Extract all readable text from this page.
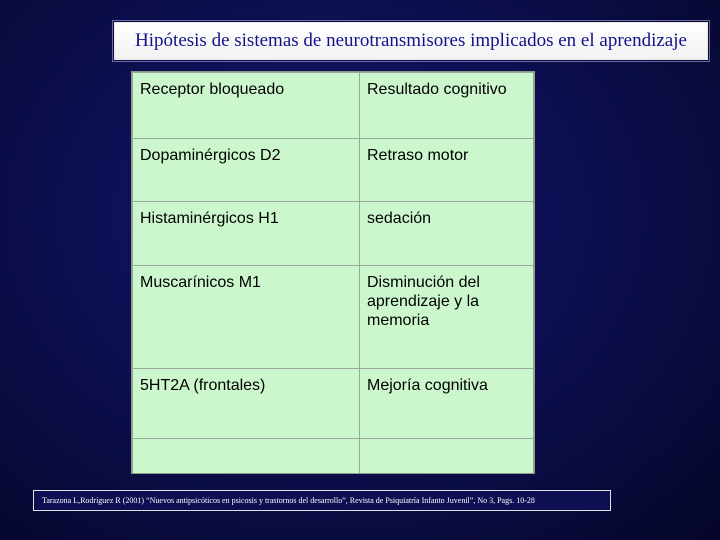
Hipótesis de sistemas de neurotransmisores implicados en el aprendizaje
Receptor bloqueado	Resultado cognitivo
Dopaminérgicos D2	Retraso motor
Histaminérgicos H1	sedación
Muscarínicos M1	Disminución del aprendizaje y la memoria
5HT2A (frontales)	Mejoría cognitiva

Tarazona L,Rodríguez R (2001) “Nuevos antipsicóticos en psicosis y trastornos del desarrollo”, Revista de Psiquiatría Infanto Juvenil”, No 3, Pags. 10-28
